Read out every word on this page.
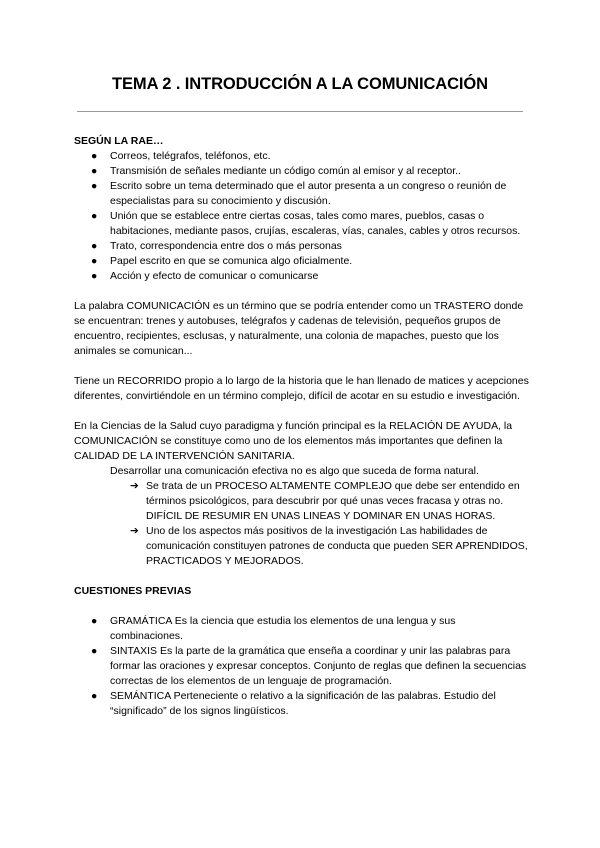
TEMA 2 . INTRODUCCIÓN A LA COMUNICACIÓN

SEGÚN LA RAE…

● Correos, telégrafos, teléfonos, etc.
● Transmisión de señales mediante un código común al emisor y al receptor..
● Escrito sobre un tema determinado que el autor presenta a un congreso o reunión de especialistas para su conocimiento y discusión.
● Unión que se establece entre ciertas cosas, tales como mares, pueblos, casas o habitaciones, mediante pasos, crujías, escaleras, vías, canales, cables y otros recursos.
● Trato, correspondencia entre dos o más personas
● Papel escrito en que se comunica algo oficialmente.
● Acción y efecto de comunicar o comunicarse

La palabra COMUNICACIÓN es un término que se podría entender como un TRASTERO donde se encuentran: trenes y autobuses, telégrafos y cadenas de televisión, pequeños grupos de encuentro, recipientes, esclusas, y naturalmente, una colonia de mapaches, puesto que los animales se comunican...

Tiene un RECORRIDO propio a lo largo de la historia que le han llenado de matices y acepciones diferentes, convirtiéndole en un término complejo, difícil de acotar en su estudio e investigación.

En la Ciencias de la Salud cuyo paradigma y función principal es la RELACIÓN DE AYUDA, la COMUNICACIÓN se constituye como uno de los elementos más importantes que definen la CALIDAD DE LA INTERVENCIÓN SANITARIA.

Desarrollar una comunicación efectiva no es algo que suceda de forma natural.

➔ Se trata de un PROCESO ALTAMENTE COMPLEJO que debe ser entendido en términos psicológicos, para descubrir por qué unas veces fracasa y otras no. DIFÍCIL DE RESUMIR EN UNAS LINEAS Y DOMINAR EN UNAS HORAS.
➔ Uno de los aspectos más positivos de la investigación Las habilidades de comunicación constituyen patrones de conducta que pueden SER APRENDIDOS, PRACTICADOS Y MEJORADOS.

CUESTIONES PREVIAS

● GRAMÁTICA Es la ciencia que estudia los elementos de una lengua y sus combinaciones.
● SINTAXIS Es la parte de la gramática que enseña a coordinar y unir las palabras para formar las oraciones y expresar conceptos. Conjunto de reglas que definen la secuencias correctas de los elementos de un lenguaje de programación.
● SEMÁNTICA Perteneciente o relativo a la significación de las palabras. Estudio del “significado” de los signos lingüísticos.
